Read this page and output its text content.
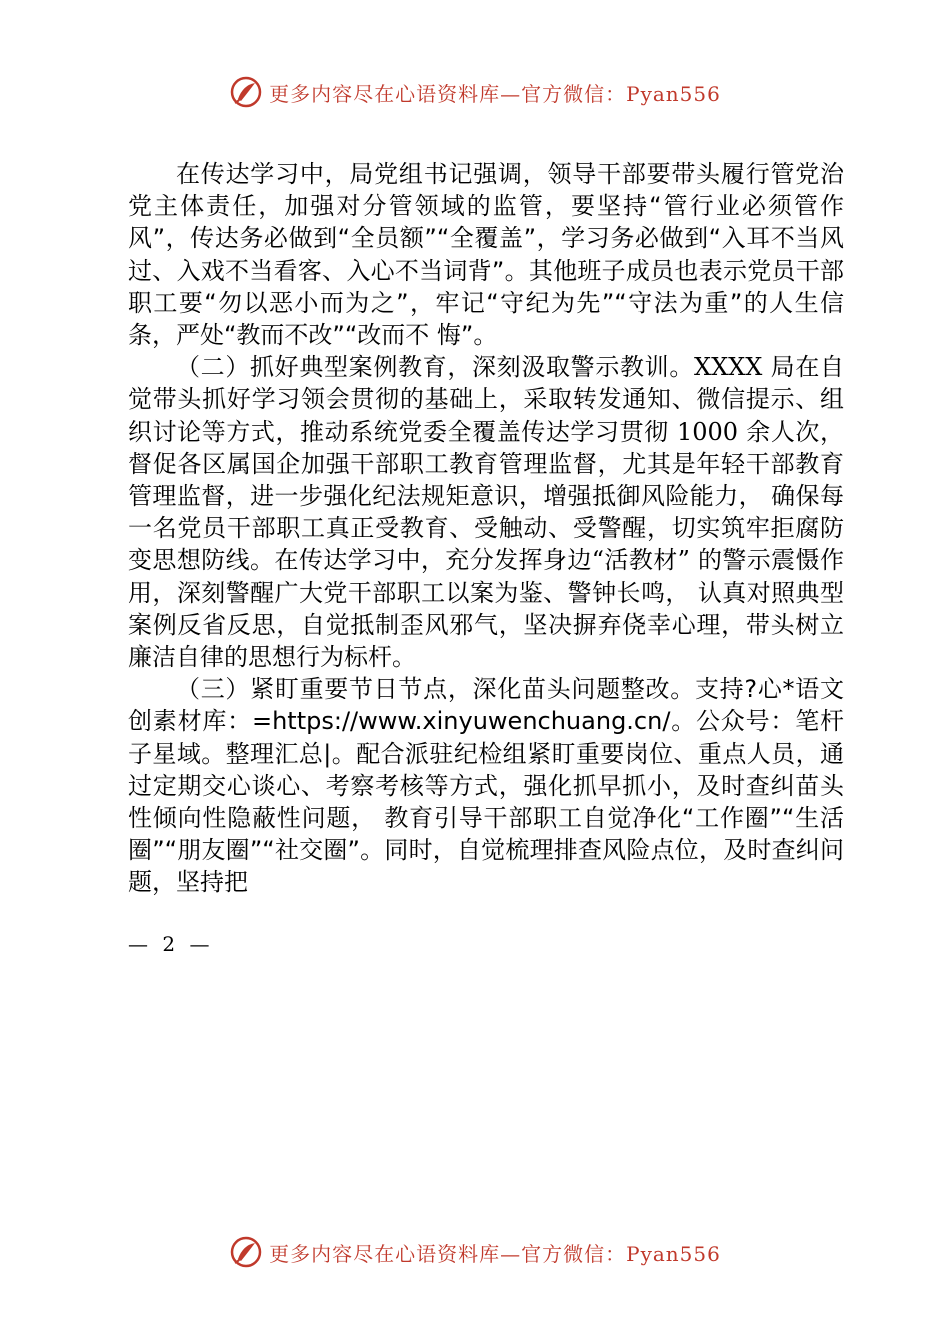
更多内容尽在心语资料库—官方微信：Pyan556

在传达学习中，局党组书记强调，领导干部要带头履行管党治党主体责任，加强对分管领域的监管，要坚持“管行业必须管作风”，传达务必做到“全员额”“全覆盖”，学习务必做到“入耳不当风过、入戏不当看客、入心不当词背”。其他班子成员也表示党员干部职工要“勿以恶小而为之”，牢记“守纪为先”“守法为重”的人生信条，严处“教而不改”“改而不 悔”。

（二）抓好典型案例教育，深刻汲取警示教训。XXXX 局在自觉带头抓好学习领会贯彻的基础上，采取转发通知、微信提示、组织讨论等方式，推动系统党委全覆盖传达学习贯彻 1000 余人次，督促各区属国企加强干部职工教育管理监督，尤其是年轻干部教育管理监督，进一步强化纪法规矩意识，增强抵御风险能力， 确保每一名党员干部职工真正受教育、受触动、受警醒，切实筑牢拒腐防变思想防线。在传达学习中，充分发挥身边“活教材” 的警示震慑作用，深刻警醒广大党干部职工以案为鉴、警钟长鸣， 认真对照典型案例反省反思，自觉抵制歪风邪气，坚决摒弃侥幸心理，带头树立廉洁自律的思想行为标杆。

（三）紧盯重要节日节点，深化苗头问题整改。支持?心*语文创素材库：=https://www.xinyuwenchuang.cn/。公众号：笔杆子星域。整理汇总|。配合派驻纪检组紧盯重要岗位、重点人员，通过定期交心谈心、考察考核等方式，强化抓早抓小，及时查纠苗头性倾向性隐蔽性问题， 教育引导干部职工自觉净化“工作圈”“生活圈”“朋友圈”“社交圈”。同时，自觉梳理排查风险点位，及时查纠问题，坚持把

— 2 —
更多内容尽在心语资料库—官方微信：Pyan556
